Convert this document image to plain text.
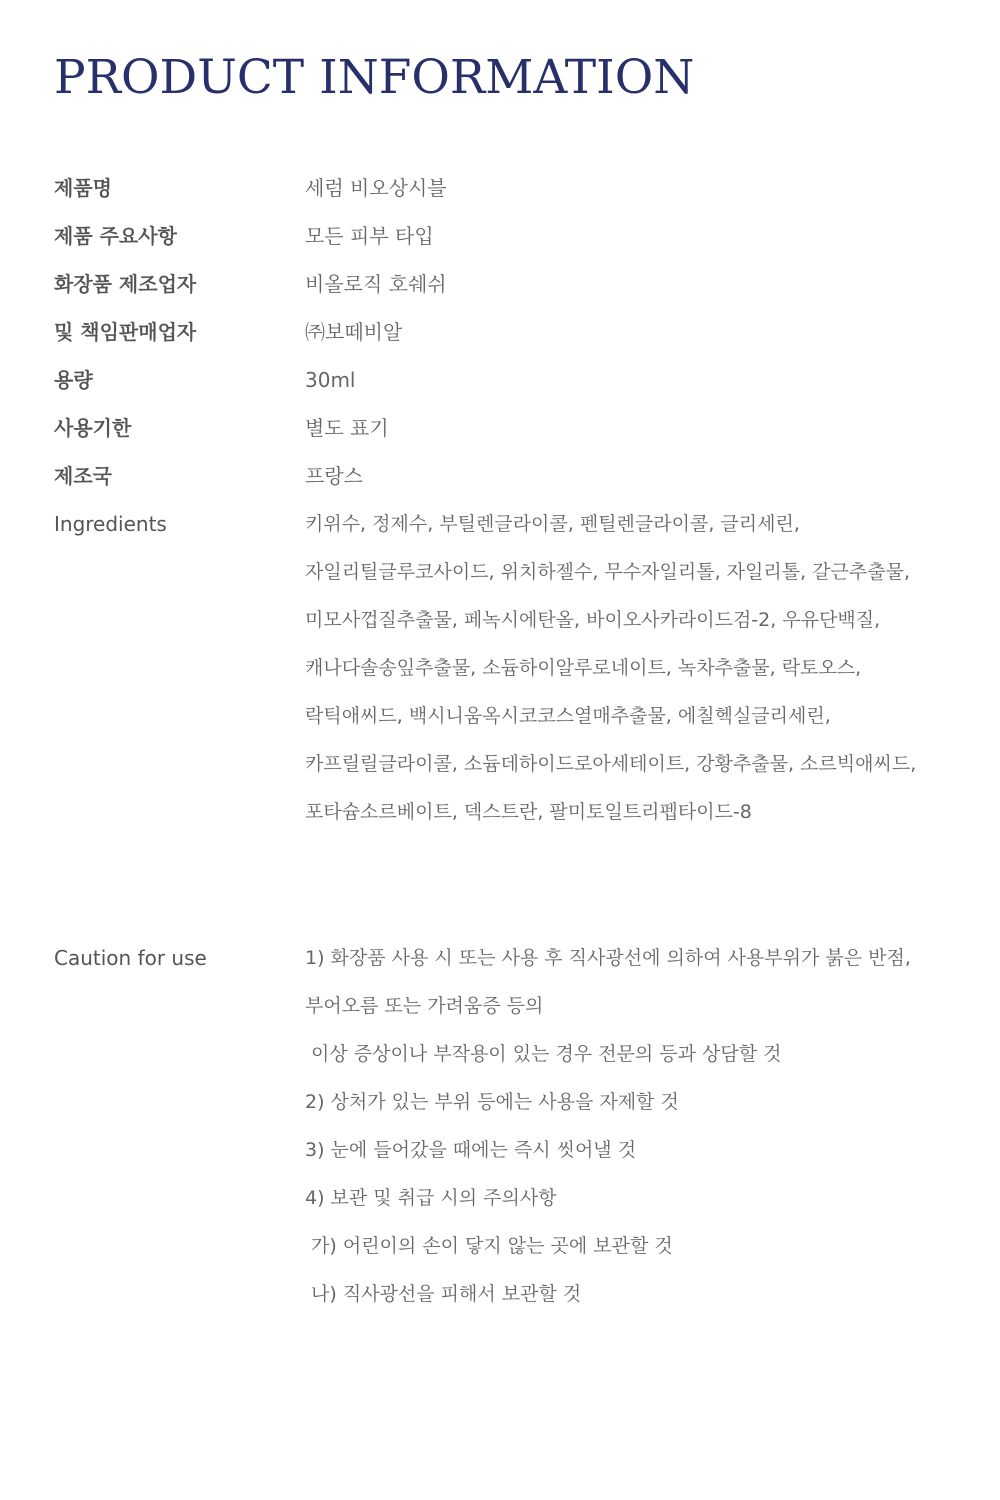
PRODUCT INFORMATION
제품명	세럼 비오상시블
제품 주요사항	모든 피부 타입
화장품 제조업자	비올로직 호쉐쉬
및 책임판매업자	㈜보떼비알
용량	30ml
사용기한	별도 표기
제조국	프랑스
Ingredients	키위수, 정제수, 부틸렌글라이콜, 펜틸렌글라이콜, 글리세린,
자일리틸글루코사이드, 위치하젤수, 무수자일리톨, 자일리톨, 갈근추출물,
미모사껍질추출물, 페녹시에탄올, 바이오사카라이드검-2, 우유단백질,
캐나다솔송잎추출물, 소듐하이알루로네이트, 녹차추출물, 락토오스,
락틱애씨드, 백시니움옥시코코스열매추출물, 에칠헥실글리세린,
카프릴릴글라이콜, 소듐데하이드로아세테이트, 강황추출물, 소르빅애씨드,
포타슘소르베이트, 덱스트란, 팔미토일트리펩타이드-8
Caution for use	1) 화장품 사용 시 또는 사용 후 직사광선에 의하여 사용부위가 붉은 반점,
부어오름 또는 가려움증 등의
이상 증상이나 부작용이 있는 경우 전문의 등과 상담할 것
2) 상처가 있는 부위 등에는 사용을 자제할 것
3) 눈에 들어갔을 때에는 즉시 씻어낼 것
4) 보관 및 취급 시의 주의사항
가) 어린이의 손이 닿지 않는 곳에 보관할 것
나) 직사광선을 피해서 보관할 것
